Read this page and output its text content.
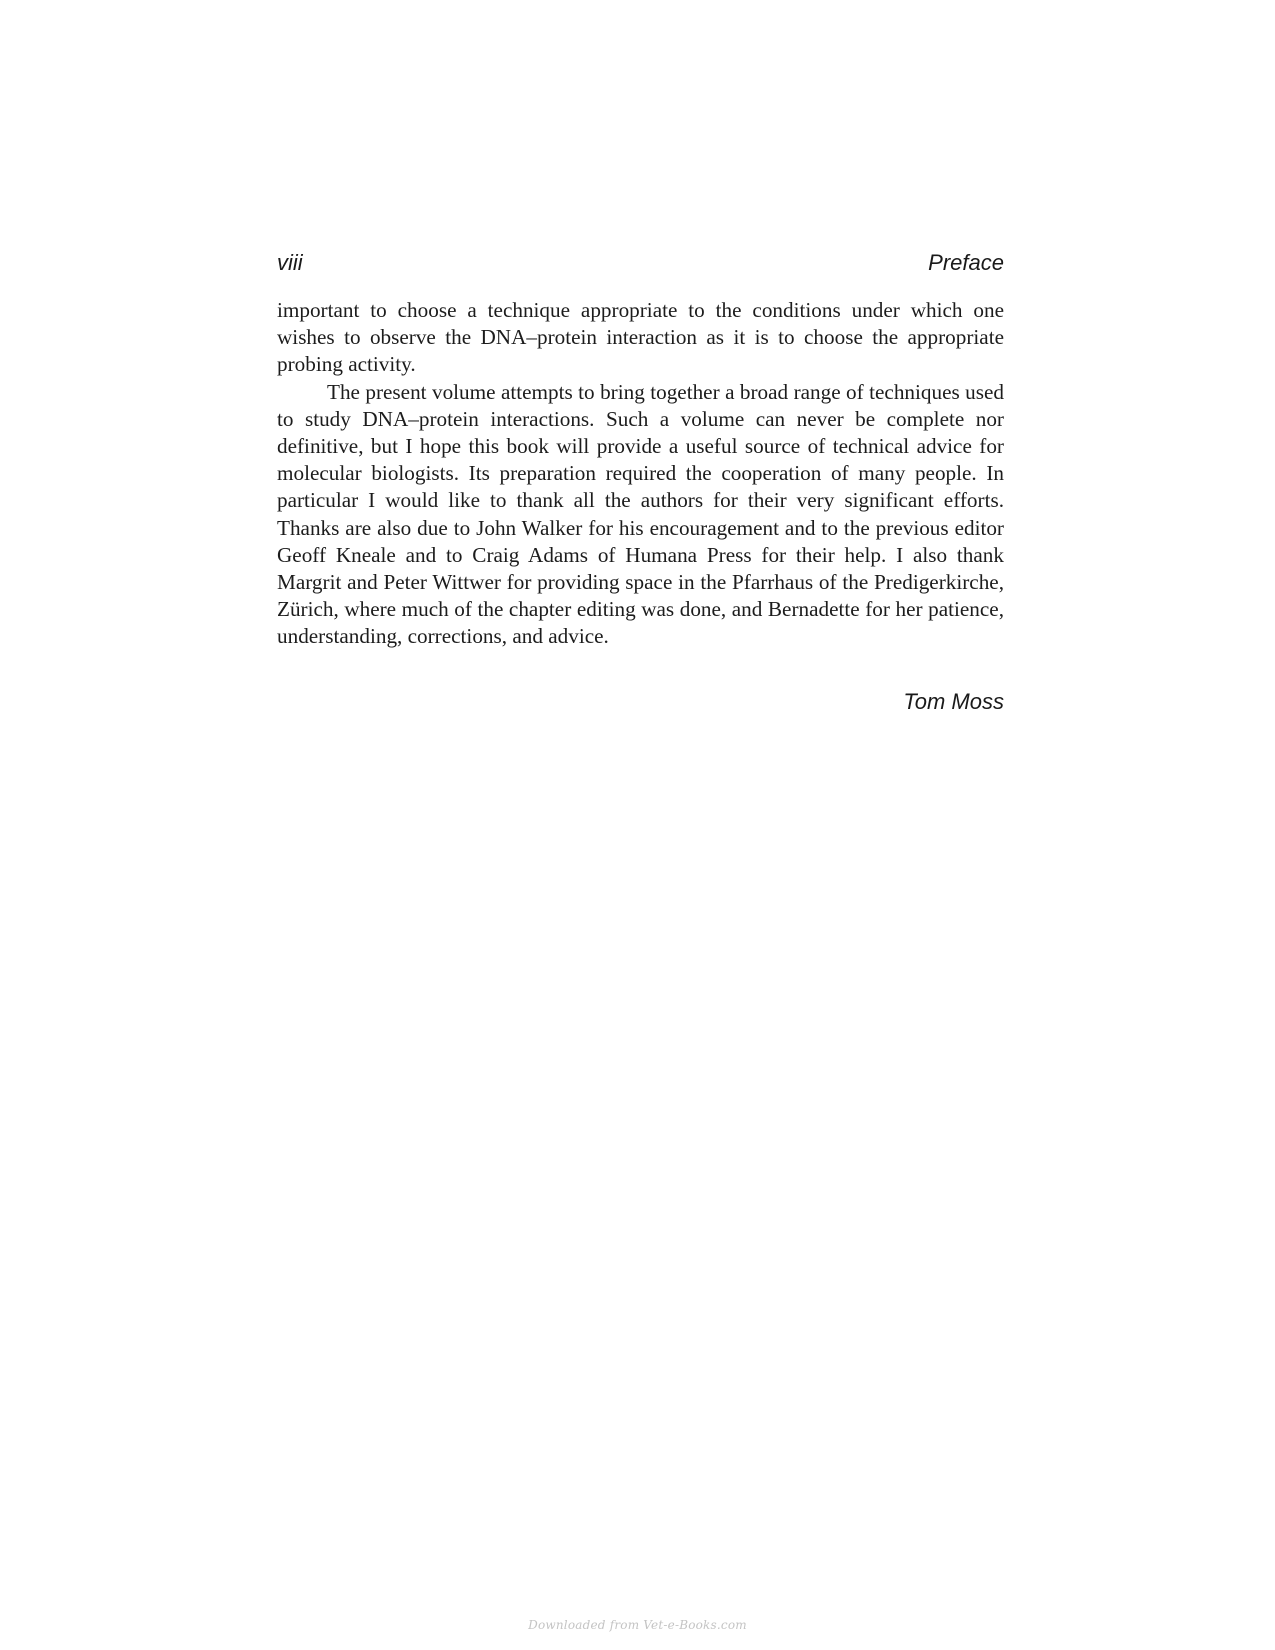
viii	Preface

important to choose a technique appropriate to the conditions under which one wishes to observe the DNA–protein interaction as it is to choose the appropriate probing activity.

The present volume attempts to bring together a broad range of techniques used to study DNA–protein interactions. Such a volume can never be complete nor definitive, but I hope this book will provide a useful source of technical advice for molecular biologists. Its preparation required the cooperation of many people. In particular I would like to thank all the authors for their very significant efforts. Thanks are also due to John Walker for his encouragement and to the previous editor Geoff Kneale and to Craig Adams of Humana Press for their help. I also thank Margrit and Peter Wittwer for providing space in the Pfarrhaus of the Predigerkirche, Zürich, where much of the chapter editing was done, and Bernadette for her patience, understanding, corrections, and advice.

Tom Moss
Downloaded from Vet-e-Books.com
